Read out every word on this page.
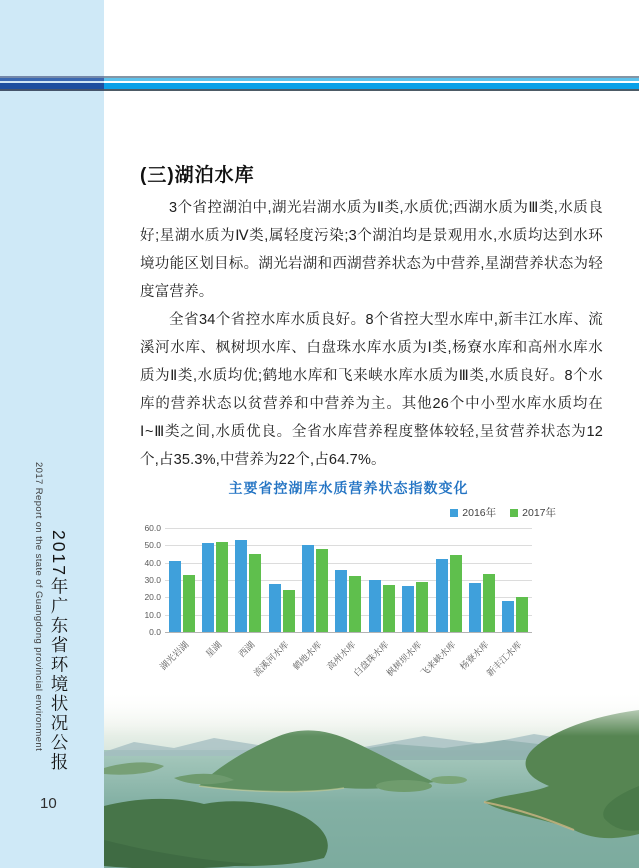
2017 Report on the state of Guangdong provincial environment 2017年广东省环境状况公报
10
(三)湖泊水库

3个省控湖泊中,湖光岩湖水质为Ⅱ类,水质优;西湖水质为Ⅲ类,水质良好;星湖水质为Ⅳ类,属轻度污染;3个湖泊均是景观用水,水质均达到水环境功能区划目标。湖光岩湖和西湖营养状态为中营养,星湖营养状态为轻度富营养。

全省34个省控水库水质良好。8个省控大型水库中,新丰江水库、流溪河水库、枫树坝水库、白盘珠水库水质为Ⅰ类,杨寮水库和高州水库水质为Ⅱ类,水质均优;鹤地水库和飞来峡水库水质为Ⅲ类,水质良好。8个水库的营养状态以贫营养和中营养为主。其他26个中小型水库水质均在Ⅰ~Ⅲ类之间,水质优良。全省水库营养程度整体较轻,呈贫营养状态为12个,占35.3%,中营养为22个,占64.7%。

主要省控湖库水质营养状态指数变化
2016年 2017年
0.0
10.0
20.0
30.0
40.0
50.0
60.0
湖光岩湖 星湖 西湖
流溪河水库 鹤地水库 高州水库
白盘珠水库
枫树坝水库
飞来峡水库 杨寮水库
新丰江水库
